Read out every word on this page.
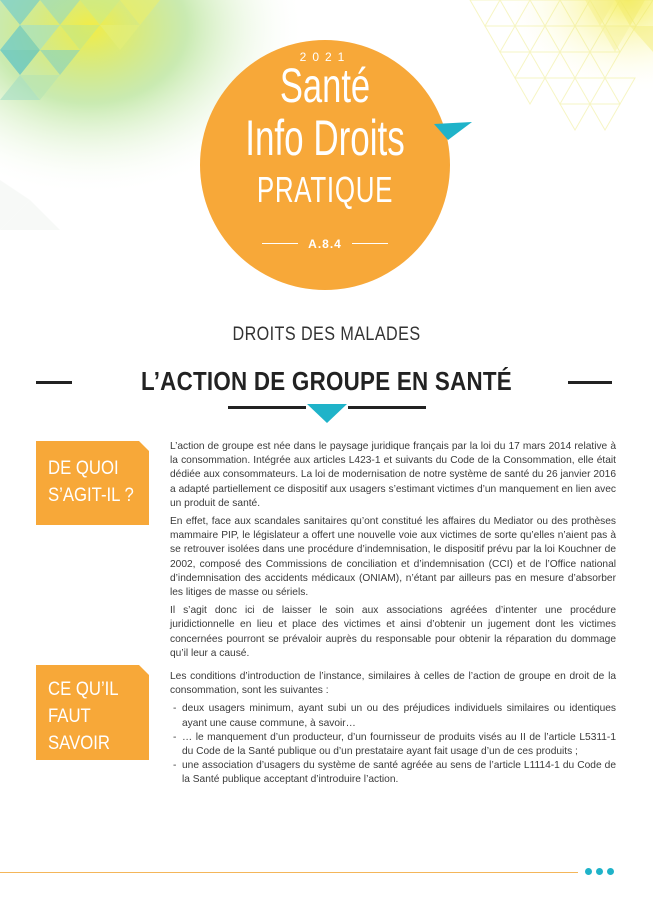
2021
Santé
Info Droits
PRATIQUE
A.8.4
DROITS DES MALADES
L’ACTION DE GROUPE EN SANTÉ
DE QUOI
S’AGIT-IL ?

L’action de groupe est née dans le paysage juridique français par la loi du 17 mars 2014 relative à la consommation. Intégrée aux articles L423-1 et suivants du Code de la Consommation, elle était dédiée aux consommateurs. La loi de modernisation de notre système de santé du 26 janvier 2016 a adapté partiellement ce dispositif aux usagers s’estimant victimes d’un manquement en lien avec un produit de santé.

En effet, face aux scandales sanitaires qu’ont constitué les affaires du Mediator ou des prothèses mammaire PIP, le législateur a offert une nouvelle voie aux victimes de sorte qu’elles n’aient pas à se retrouver isolées dans une procédure d’indemnisation, le dispositif prévu par la loi Kouchner de 2002, composé des Commissions de conciliation et d’indemnisation (CCI) et de l’Office national d’indemnisation des accidents médicaux (ONIAM), n’étant par ailleurs pas en mesure d’absorber les litiges de masse ou sériels.

Il s’agit donc ici de laisser le soin aux associations agréées d’intenter une procédure juridictionnelle en lieu et place des victimes et ainsi d’obtenir un jugement dont les victimes concernées pourront se prévaloir auprès du responsable pour obtenir la réparation du dommage qu’il leur a causé.

CE QU’IL
FAUT
SAVOIR

Les conditions d’introduction de l’instance, similaires à celles de l’action de groupe en droit de la consommation, sont les suivantes :

- deux usagers minimum, ayant subi un ou des préjudices individuels similaires ou identiques ayant une cause commune, à savoir…
- … le manquement d’un producteur, d’un fournisseur de produits visés au II de l’article L5311-1 du Code de la Santé publique ou d’un prestataire ayant fait usage d’un de ces produits ;
- une association d’usagers du système de santé agréée au sens de l’article L1114-1 du Code de la Santé publique acceptant d’introduire l’action.
